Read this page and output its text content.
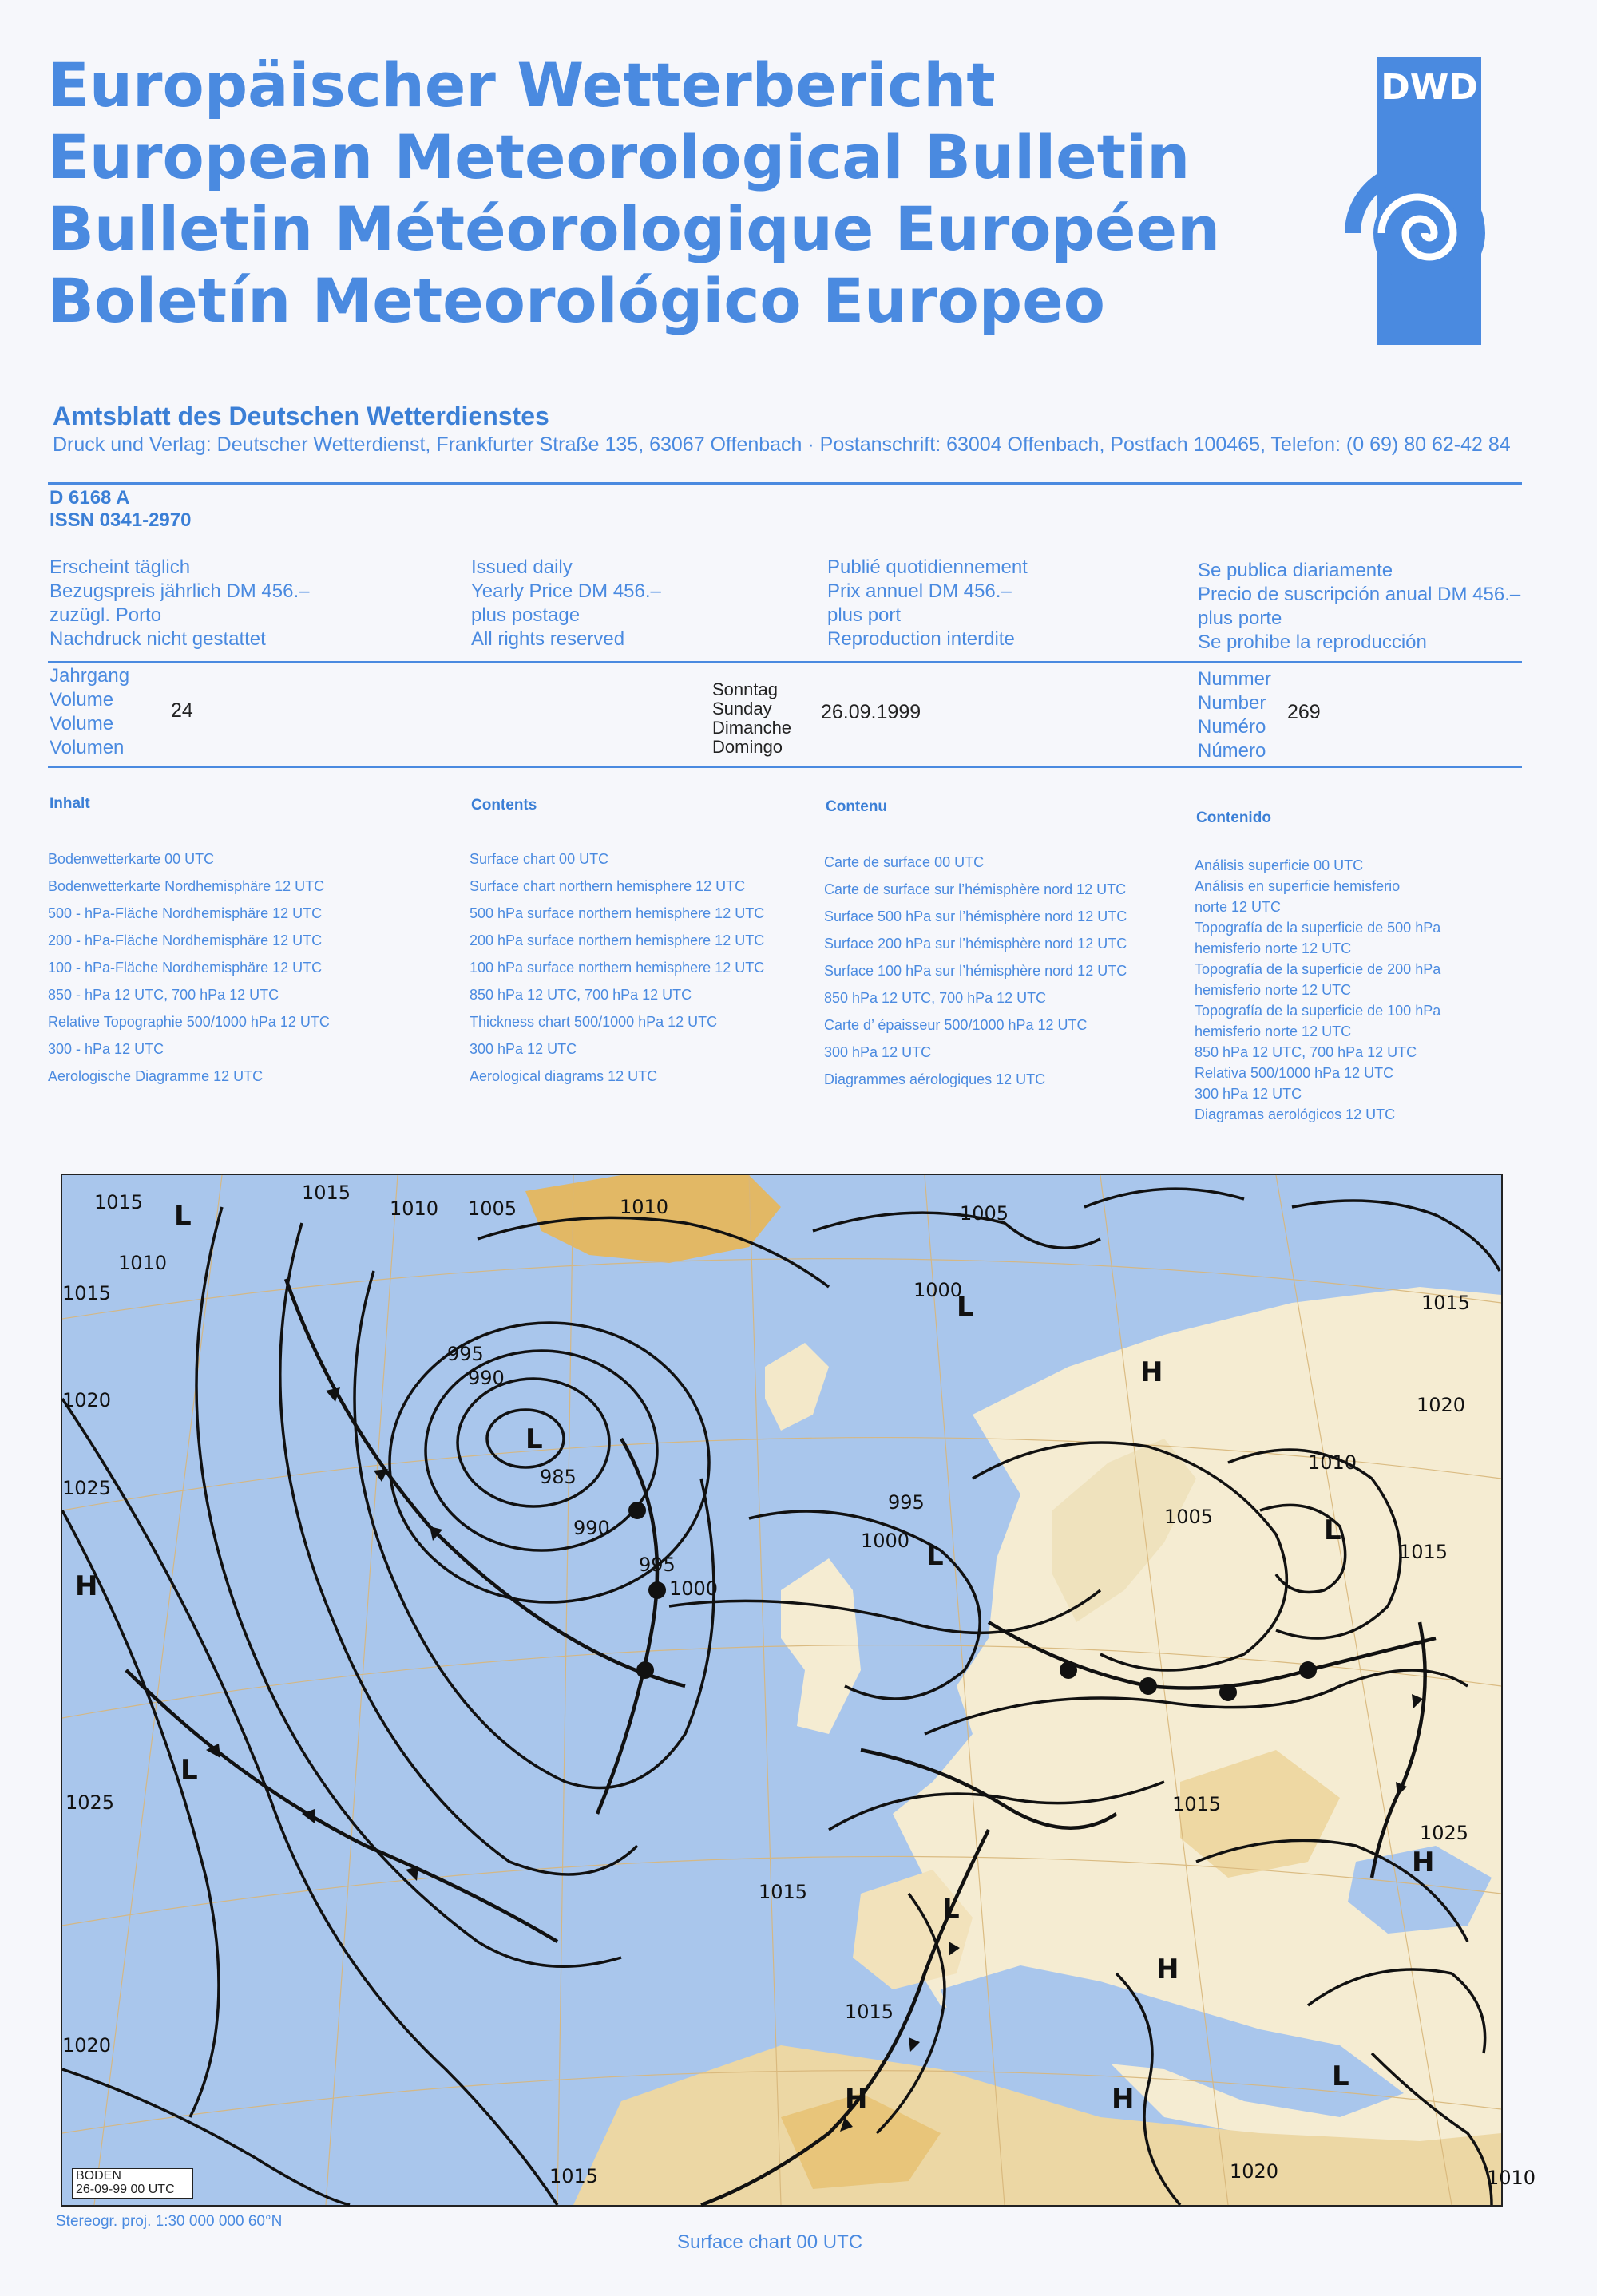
Europäischer Wetterbericht
European Meteorological Bulletin
Bulletin Météorologique Européen
Boletín Meteorológico Europeo
DWD
Amtsblatt des Deutschen Wetterdienstes
Druck und Verlag: Deutscher Wetterdienst, Frankfurter Straße 135, 63067 Offenbach · Postanschrift: 63004 Offenbach, Postfach 100465, Telefon: (0 69) 80 62-42 84
D 6168 A
ISSN 0341-2970
Erscheint täglich
Bezugspreis jährlich DM 456.–
zuzügl. Porto
Nachdruck nicht gestattet
Issued daily
Yearly Price DM 456.–
plus postage
All rights reserved
Publié quotidiennement
Prix annuel DM 456.–
plus port
Reproduction interdite
Se publica diariamente
Precio de suscripción anual DM 456.–
plus porte
Se prohibe la reproducción
Jahrgang
Volume
Volume
Volumen
24
Sonntag
Sunday
Dimanche
Domingo
26.09.1999
Nummer
Number
Numéro
Número
269
Inhalt
Bodenwetterkarte 00 UTC
Bodenwetterkarte Nordhemisphäre 12 UTC
500 - hPa-Fläche Nordhemisphäre 12 UTC
200 - hPa-Fläche Nordhemisphäre 12 UTC
100 - hPa-Fläche Nordhemisphäre 12 UTC
850 - hPa 12 UTC, 700 hPa 12 UTC
Relative Topographie 500/1000 hPa 12 UTC
300 - hPa 12 UTC
Aerologische Diagramme 12 UTC
Contents
Surface chart 00 UTC
Surface chart northern hemisphere 12 UTC
500 hPa surface northern hemisphere 12 UTC
200 hPa surface northern hemisphere 12 UTC
100 hPa surface northern hemisphere 12 UTC
850 hPa 12 UTC, 700 hPa 12 UTC
Thickness chart 500/1000 hPa 12 UTC
300 hPa 12 UTC
Aerological diagrams 12 UTC
Contenu
Carte de surface 00 UTC
Carte de surface sur l’hémisphère nord 12 UTC
Surface 500 hPa sur l’hémisphère nord 12 UTC
Surface 200 hPa sur l’hémisphère nord 12 UTC
Surface 100 hPa sur l’hémisphère nord 12 UTC
850 hPa 12 UTC, 700 hPa 12 UTC
Carte d’ épaisseur 500/1000 hPa 12 UTC
300 hPa 12 UTC
Diagrammes aérologiques 12 UTC
Contenido
Análisis superficie 00 UTC
Análisis en superficie hemisferio
norte 12 UTC
Topografía de la superficie de 500 hPa
hemisferio norte 12 UTC
Topografía de la superficie de 200 hPa
hemisferio norte 12 UTC
Topografía de la superficie de 100 hPa
hemisferio norte 12 UTC
850 hPa 12 UTC, 700 hPa 12 UTC
Relativa 500/1000 hPa 12 UTC
300 hPa 12 UTC
Diagramas aerológicos 12 UTC
1015
1010 1005	1010	1005
1000
995
990
985
990
995
1000
1020
1025
1025
1020
1015
1015
1010
1020
1015
1015
1015
1010
1015
1015
1000
995
1005
1010
1015	1020
1025
L
L
L
L
L
L
H
H
H
H	H
L
H
L
BODEN
26-09-99 00 UTC
Stereogr. proj. 1:30 000 000 60°N
Surface chart 00 UTC
